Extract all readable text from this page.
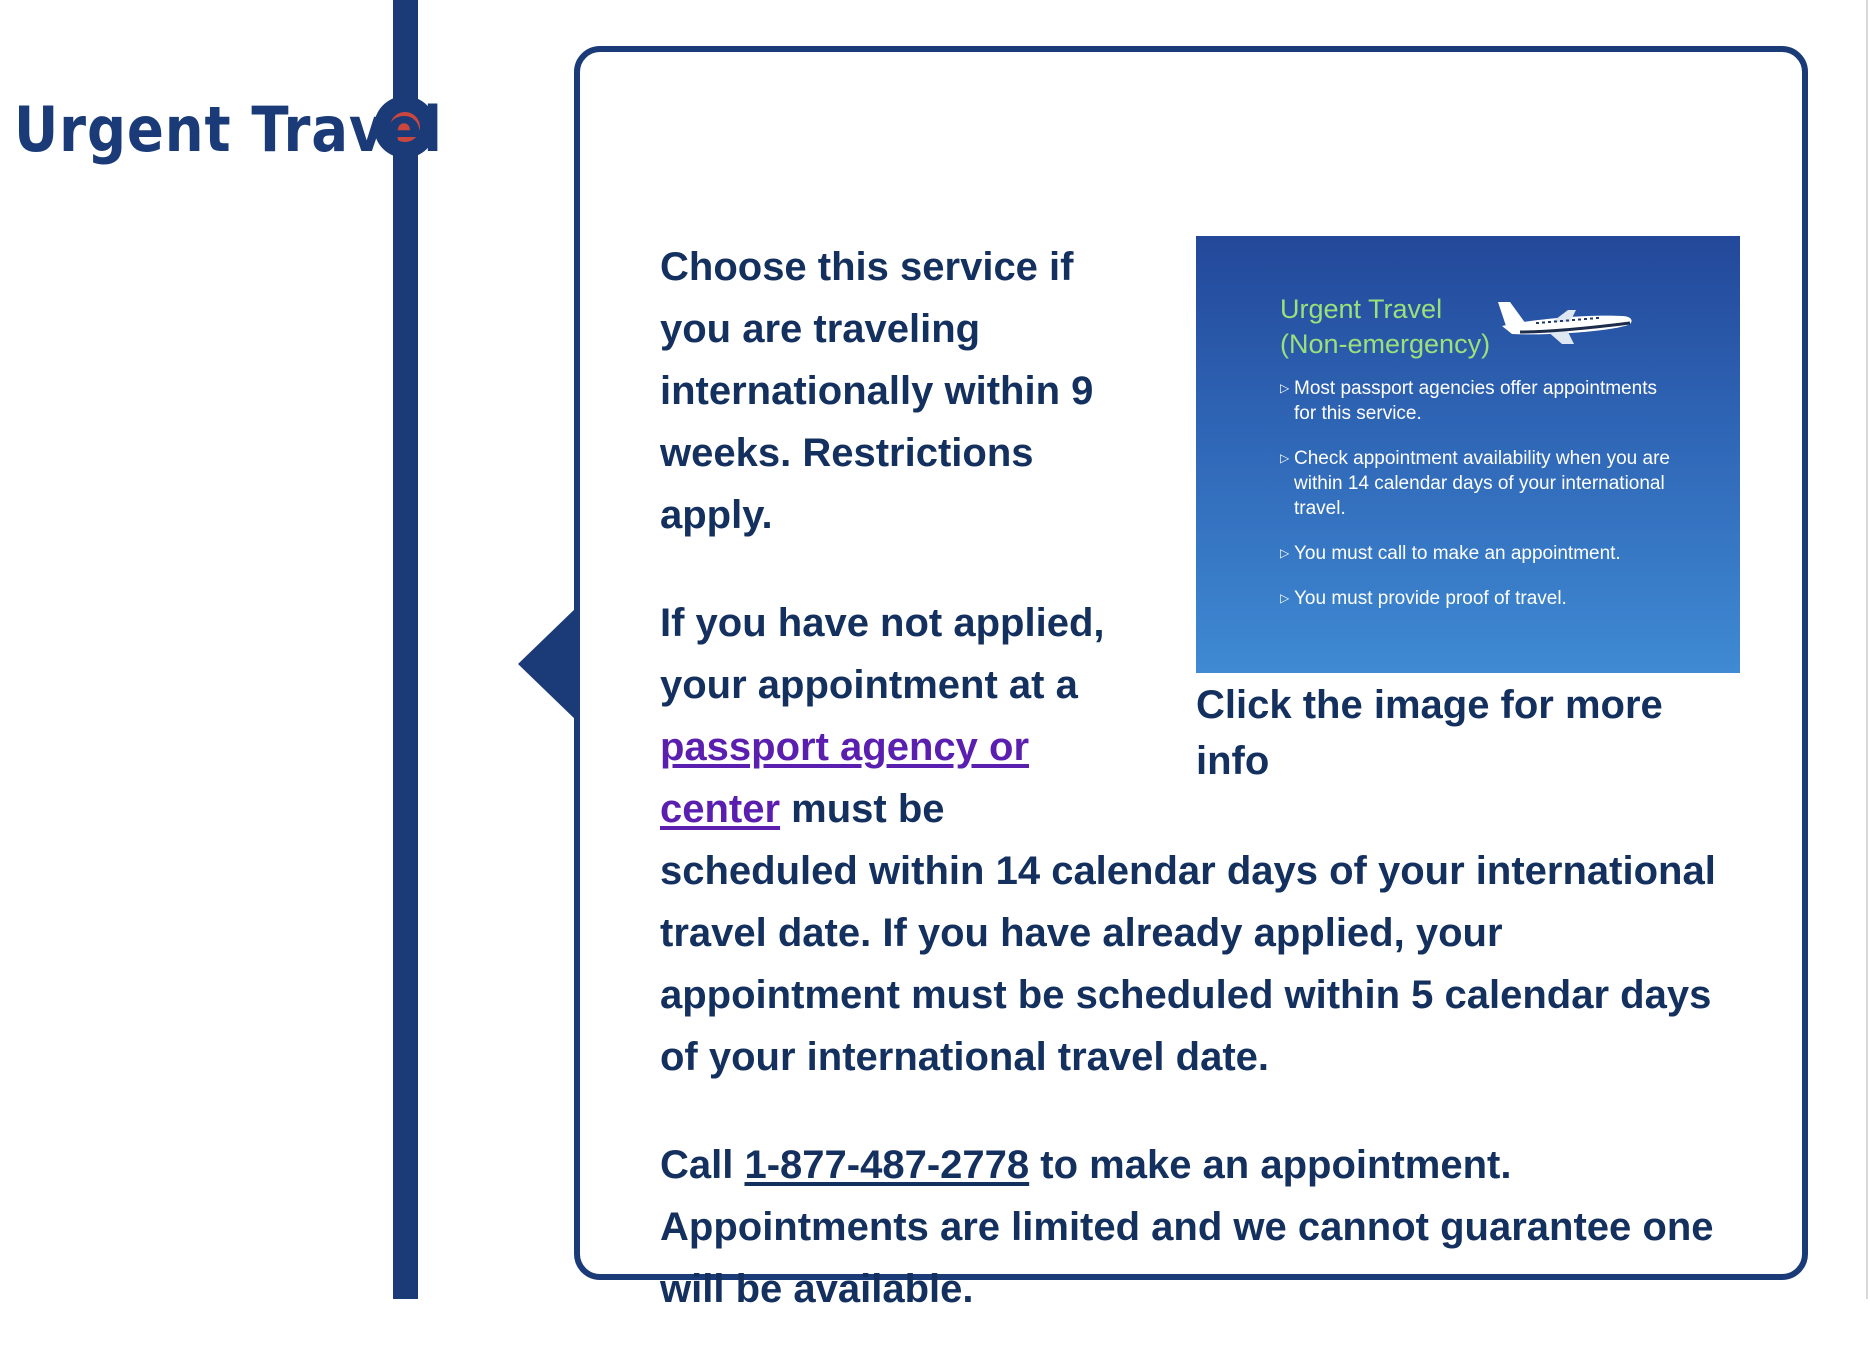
Urgent Travel
Urgent Travel
(Non-emergency)
▷ Most passport agencies offer appointments for this service.
▷ Check appointment availability when you are within 14 calendar days of your international travel.
▷ You must call to make an appointment.
▷ You must provide proof of travel.
Click the image for more info

Choose this service if you are traveling internationally within 9 weeks. Restrictions apply.

If you have not applied, your appointment at a passport agency or center must be scheduled within 14 calendar days of your international travel date. If you have already applied, your appointment must be scheduled within 5 calendar days of your international travel date.

Call 1-877-487-2778 to make an appointment. Appointments are limited and we cannot guarantee one will be available.
